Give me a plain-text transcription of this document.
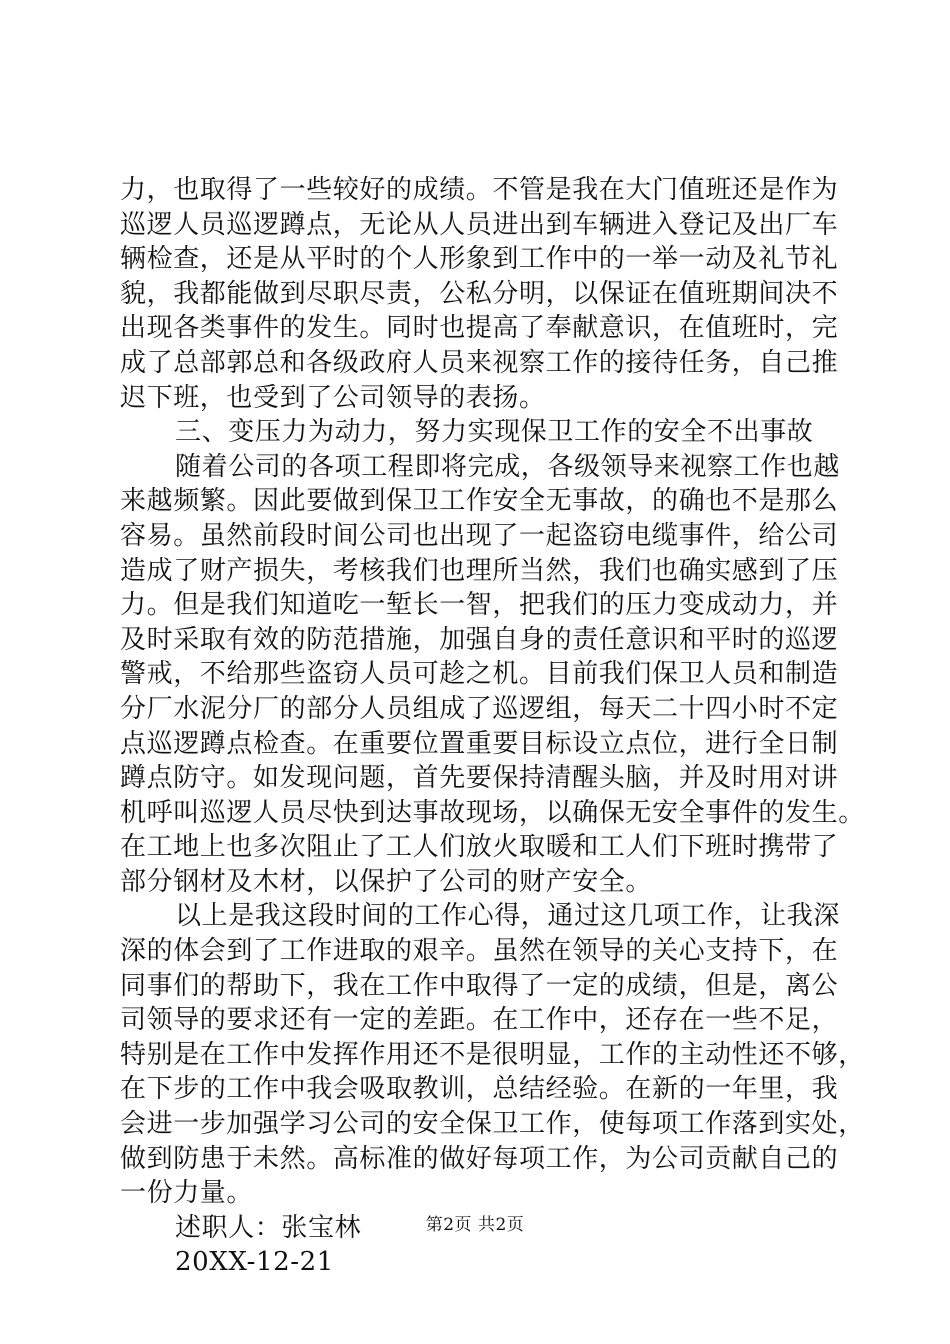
力，也取得了一些较好的成绩。不管是我在大门值班还是作为
巡逻人员巡逻蹲点，无论从人员进出到车辆进入登记及出厂车
辆检查，还是从平时的个人形象到工作中的一举一动及礼节礼
貌，我都能做到尽职尽责，公私分明，以保证在值班期间决不
出现各类事件的发生。同时也提高了奉献意识，在值班时，完
成了总部郭总和各级政府人员来视察工作的接待任务，自己推
迟下班，也受到了公司领导的表扬。
三、变压力为动力，努力实现保卫工作的安全不出事故
随着公司的各项工程即将完成，各级领导来视察工作也越
来越频繁。因此要做到保卫工作安全无事故，的确也不是那么
容易。虽然前段时间公司也出现了一起盗窃电缆事件，给公司
造成了财产损失，考核我们也理所当然，我们也确实感到了压
力。但是我们知道吃一堑长一智，把我们的压力变成动力，并
及时采取有效的防范措施，加强自身的责任意识和平时的巡逻
警戒，不给那些盗窃人员可趁之机。目前我们保卫人员和制造
分厂水泥分厂的部分人员组成了巡逻组，每天二十四小时不定
点巡逻蹲点检查。在重要位置重要目标设立点位，进行全日制
蹲点防守。如发现问题，首先要保持清醒头脑，并及时用对讲
机呼叫巡逻人员尽快到达事故现场，以确保无安全事件的发生。
在工地上也多次阻止了工人们放火取暖和工人们下班时携带了
部分钢材及木材，以保护了公司的财产安全。
以上是我这段时间的工作心得，通过这几项工作，让我深
深的体会到了工作进取的艰辛。虽然在领导的关心支持下，在
同事们的帮助下，我在工作中取得了一定的成绩，但是，离公
司领导的要求还有一定的差距。在工作中，还存在一些不足，
特别是在工作中发挥作用还不是很明显，工作的主动性还不够，
在下步的工作中我会吸取教训，总结经验。在新的一年里，我
会进一步加强学习公司的安全保卫工作，使每项工作落到实处，
做到防患于未然。高标准的做好每项工作，为公司贡献自己的
一份力量。
述职人：张宝林
20XX-12-21
第2页 共2页
